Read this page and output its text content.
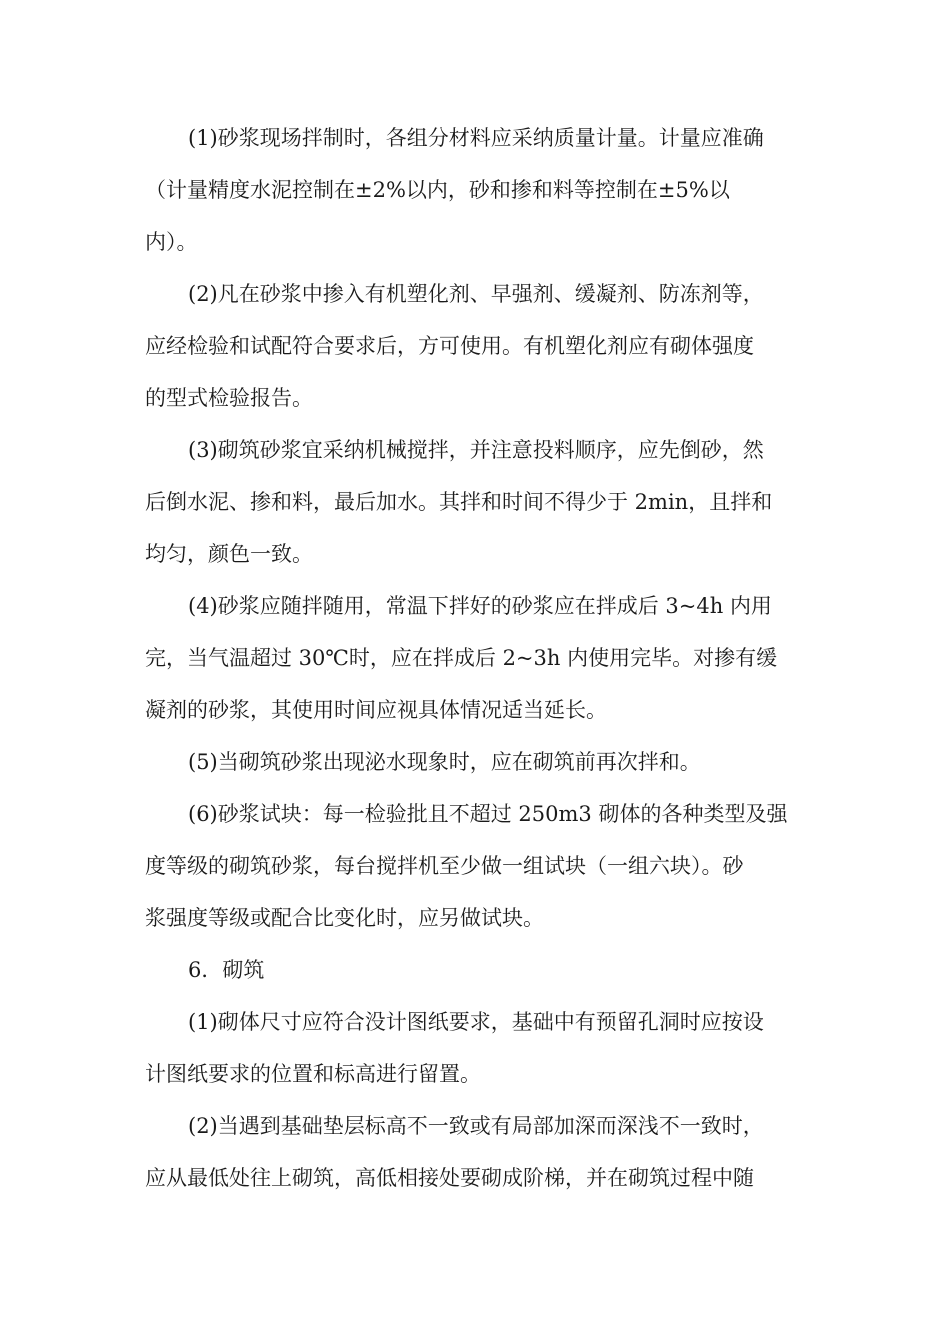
(1)砂浆现场拌制时，各组分材料应采纳质量计量。计量应准确
（计量精度水泥控制在±2%以内，砂和掺和料等控制在±5%以
内）。
(2)凡在砂浆中掺入有机塑化剂、早强剂、缓凝剂、防冻剂等，
应经检验和试配符合要求后，方可使用。有机塑化剂应有砌体强度
的型式检验报告。
(3)砌筑砂浆宜采纳机械搅拌，并注意投料顺序，应先倒砂，然
后倒水泥、掺和料，最后加水。其拌和时间不得少于 2min，且拌和
均匀，颜色一致。
(4)砂浆应随拌随用，常温下拌好的砂浆应在拌成后 3~4h 内用
完，当气温超过 30℃时，应在拌成后 2~3h 内使用完毕。对掺有缓
凝剂的砂浆，其使用时间应视具体情况适当延长。
(5)当砌筑砂浆出现泌水现象时，应在砌筑前再次拌和。
(6)砂浆试块：每一检验批且不超过 250m3 砌体的各种类型及强
度等级的砌筑砂浆，每台搅拌机至少做一组试块（一组六块）。砂
浆强度等级或配合比变化时，应另做试块。
6．砌筑
(1)砌体尺寸应符合没计图纸要求，基础中有预留孔洞时应按设
计图纸要求的位置和标高进行留置。
(2)当遇到基础垫层标高不一致或有局部加深而深浅不一致时，
应从最低处往上砌筑，高低相接处要砌成阶梯，并在砌筑过程中随
